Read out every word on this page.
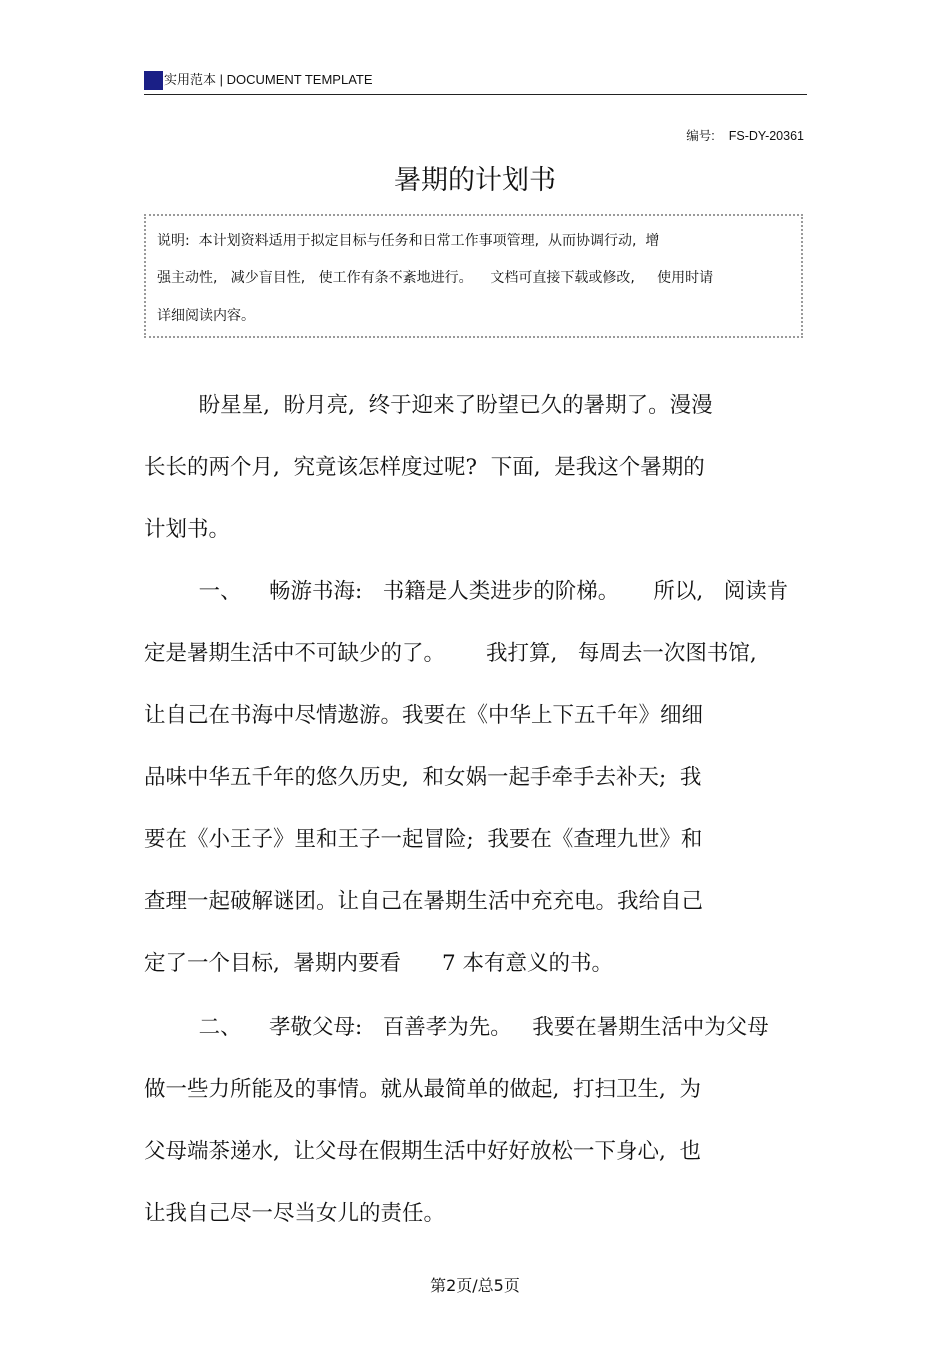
实用范本 | DOCUMENT TEMPLATE
编号: FS-DY-20361
暑期的计划书
说明:  本计划资料适用于拟定目标与任务和日常工作事项管理,  从而协调行动,  增
强主动性,   减少盲目性,   使工作有条不紊地进行。    文档可直接下载或修改,     使用时请
详细阅读内容。
盼星星,  盼月亮,  终于迎来了盼望已久的暑期了。漫漫
长长的两个月,  究竟该怎样度过呢?  下面,  是我这个暑期的
计划书。
一、    畅游书海:   书籍是人类进步的阶梯。     所以,   阅读肯
定是暑期生活中不可缺少的了。      我打算,   每周去一次图书馆,
让自己在书海中尽情遨游。我要在《中华上下五千年》细细
品味中华五千年的悠久历史,  和女娲一起手牵手去补天;  我
要在《小王子》里和王子一起冒险;  我要在《查理九世》和
查理一起破解谜团。让自己在暑期生活中充充电。我给自己
定了一个目标,  暑期内要看      7 本有意义的书。
二、    孝敬父母:   百善孝为先。   我要在暑期生活中为父母
做一些力所能及的事情。就从最简单的做起,  打扫卫生,  为
父母端茶递水,  让父母在假期生活中好好放松一下身心,  也
让我自己尽一尽当女儿的责任。
第2页/总5页
